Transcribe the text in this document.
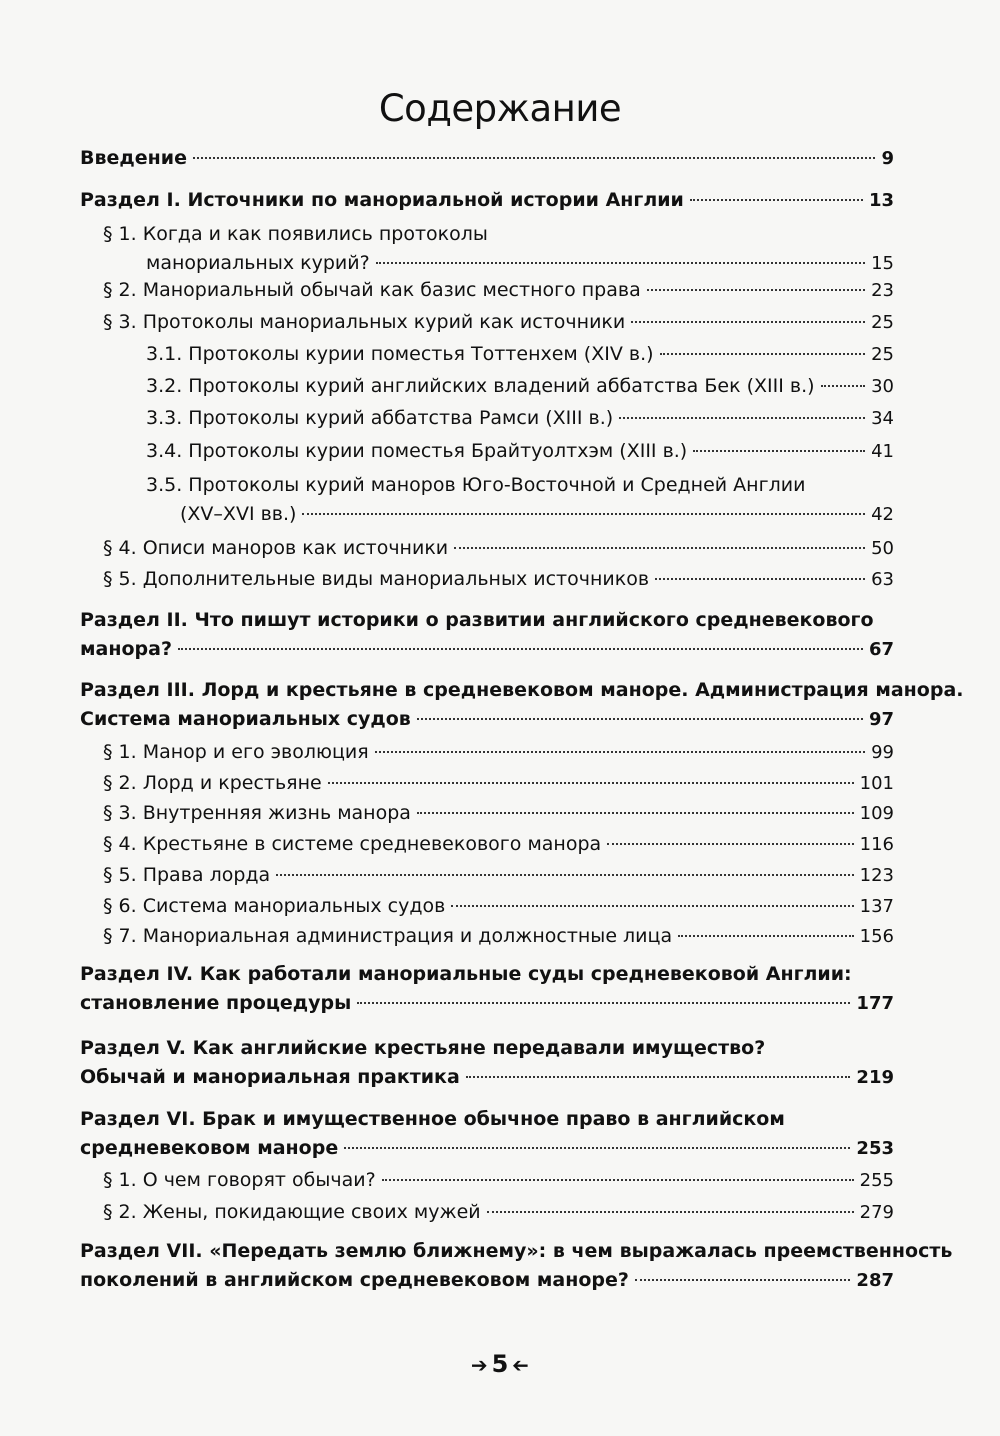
Содержание
Введение	9
Раздел I. Источники по манориальной истории Англии	13
§ 1. Когда и как появились протоколы
манориальных курий?	15
§ 2. Манориальный обычай как базис местного права	23
§ 3. Протоколы манориальных курий как источники	25
3.1. Протоколы курии поместья Тоттенхем (XIV в.)	25
3.2. Протоколы курий английских владений аббатства Бек (XIII в.)	30
3.3. Протоколы курий аббатства Рамси (XIII в.)	34
3.4. Протоколы курии поместья Брайтуолтхэм (XIII в.)	41
3.5. Протоколы курий маноров Юго-Восточной и Средней Англии
(XV–XVI вв.)	42
§ 4. Описи маноров как источники	50
§ 5. Дополнительные виды манориальных источников	63
Раздел II. Что пишут историки о развитии английского средневекового
манора?	67
Раздел III. Лорд и крестьяне в средневековом маноре. Администрация манора.
Система манориальных судов	97
§ 1. Манор и его эволюция	99
§ 2. Лорд и крестьяне	101
§ 3. Внутренняя жизнь манора	109
§ 4. Крестьяне в системе средневекового манора	116
§ 5. Права лорда	123
§ 6. Система манориальных судов	137
§ 7. Манориальная администрация и должностные лица	156
Раздел IV. Как работали манориальные суды средневековой Англии:
становление процедуры	177
Раздел V. Как английские крестьяне передавали имущество?
Обычай и манориальная практика	219
Раздел VI. Брак и имущественное обычное право в английском
средневековом маноре	253
§ 1. О чем говорят обычаи?	255
§ 2. Жены, покидающие своих мужей	279
Раздел VII. «Передать землю ближнему»: в чем выражалась преемственность
поколений в английском средневековом маноре?	287
➔ 5 ➔
